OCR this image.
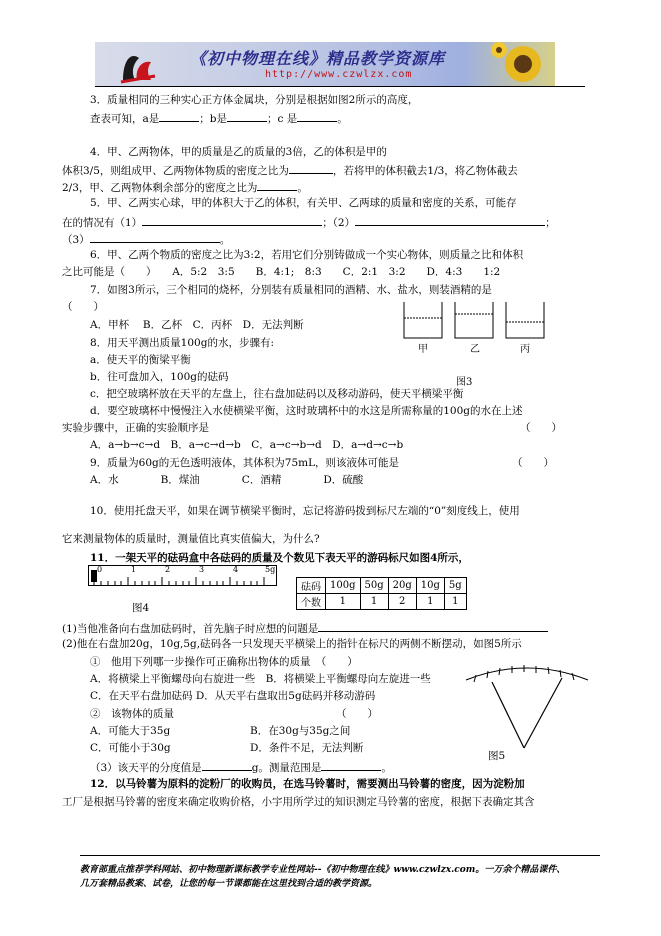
《初中物理在线》精品教学资源库
http://www.czwlzx.com
3．质量相同的三种实心正方体金属块，分别是根据如图2所示的高度，
查表可知，a是	；b是	；c 是	。
4．甲、乙两物体，甲的质量是乙的质量的3倍，乙的体积是甲的
体积3/5，则组成甲、乙两物体物质的密度之比为	，若将甲的体积截去1/3，将乙物体截去
2/3，甲、乙两物体剩余部分的密度之比为	。
5．甲、乙两实心球，甲的体积大于乙的体积，有关甲、乙两球的质量和密度的关系，可能存
在的情况有（1）	；（2）	；
（3）	。
6．甲、乙两个物质的密度之比为3:2，若用它们分别铸做成一个实心物体，则质量之比和体积
之比可能是（　　）　　A．5:2　3:5　　B．4:1;　8:3　　C．2:1　3:2　　D．4:3　　1:2
7．如图3所示，三个相同的烧杯，分别装有质量相同的酒精、水、盐水，则装酒精的是
（　　）
A．甲杯　 B．乙杯　C．丙杯　D．无法判断
甲	乙	丙
8．用天平测出质量100g的水，步骤有:
a．使天平的衡梁平衡
b．往可盘加入，100g的砝码	图3
c．把空玻璃杯放在天平的左盘上，往右盘加砝码以及移动游码，使天平横梁平衡
d．要空玻璃杯中慢慢注入水使横梁平衡，这时玻璃杯中的水这是所需称量的100g的水在上述
实验步骤中，正确的实验顺序是	（　　）
A．a→b→c→d　B．a→c→d→b　C．a→c→b→d　D．a→d→c→b
9．质量为60g的无色透明液体，其体积为75mL，则该液体可能是	（　　）
A．水　　　　B．煤油　　　　C．酒精　　　　D．硫酸
10．使用托盘天平，如果在调节横梁平衡时，忘记将游码拨到标尺左端的“0”刻度线上，使用
它来测量物体的质量时，测量值比真实值偏大，为什么?
11．一架天平的砝码盒中各砝码的质量及个数见下表天平的游码标尺如图4所示，
0	1	2	3	4	5g
图4
砝码	100g	50g	20g	10g	5g
个数	1	1	2	1	1
(1)当他准备向右盘加砝码时，首先脑子时应想的问题是
(2)他在右盘加20g，10g,5g,砝码各一只发现天平横梁上的指针在标尺的两侧不断摆动，如图5所示
①　他用下列哪一步操作可正确称出物体的质量　（　　）
A．将横梁上平衡螺母向右旋进一些　B．将横梁上平衡螺母向左旋进一些
C．在天平右盘加砝码 D．从天平右盘取出5g砝码并移动游码
②　该物体的质量	（　　）
A．可能大于35g	B．在30g与35g之间
C．可能小于30g	D．条件不足，无法判断
图5
（3）该天平的分度值是	g。测量范围是	。
12．以马铃薯为原料的淀粉厂的收购员，在选马铃薯时，需要测出马铃薯的密度，因为淀粉加
工厂是根据马铃薯的密度来确定收购价格，小宇用所学过的知识测定马铃薯的密度，根据下表确定其含
教育部重点推荐学科网站、初中物理新课标教学专业性网站--《初中物理在线》www.czwlzx.com。一万余个精品课件、
几万套精品教案、试卷，让您的每一节课都能在这里找到合适的教学资源。
